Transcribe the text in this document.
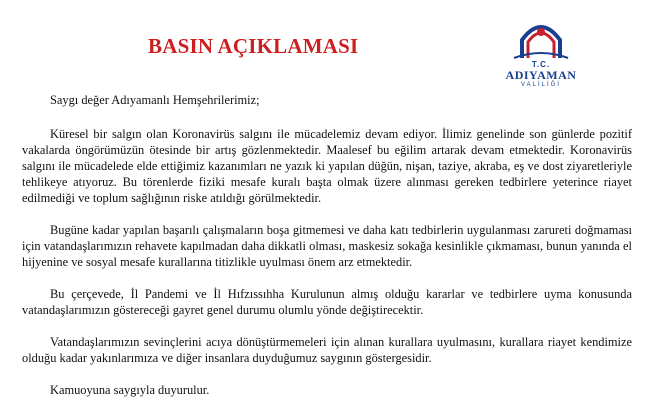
BASIN AÇIKLAMASI
T.C.
ADIYAMAN
VALİLİĞİ

Saygı değer Adıyamanlı Hemşehrilerimiz;

Küresel bir salgın olan Koronavirüs salgını ile mücadelemiz devam ediyor. İlimiz genelinde son günlerde pozitif vakalarda öngörümüzün ötesinde bir artış gözlenmektedir. Maalesef bu eğilim artarak devam etmektedir. Koronavirüs salgını ile mücadelede elde ettiğimiz kazanımları ne yazık ki yapılan düğün, nişan, taziye, akraba, eş ve dost ziyaretleriyle tehlikeye atıyoruz. Bu törenlerde fiziki mesafe kuralı başta olmak üzere alınması gereken tedbirlere yeterince riayet edilmediği ve toplum sağlığının riske atıldığı görülmektedir.

Bugüne kadar yapılan başarılı çalışmaların boşa gitmemesi ve daha katı tedbirlerin uygulanması zarureti doğmaması için vatandaşlarımızın rehavete kapılmadan daha dikkatli olması, maskesiz sokağa kesinlikle çıkmaması, bunun yanında el hijyenine ve sosyal mesafe kurallarına titizlikle uyulması önem arz etmektedir.

Bu çerçevede, İl Pandemi ve İl Hıfzıssıhha Kurulunun almış olduğu kararlar ve tedbirlere uyma konusunda vatandaşlarımızın göstereceği gayret genel durumu olumlu yönde değiştirecektir.

Vatandaşlarımızın sevinçlerini acıya dönüştürmemeleri için alınan kurallara uyulmasını, kurallara riayet kendimize olduğu kadar yakınlarımıza ve diğer insanlara duyduğumuz saygının göstergesidir.

Kamuoyuna saygıyla duyurulur.
